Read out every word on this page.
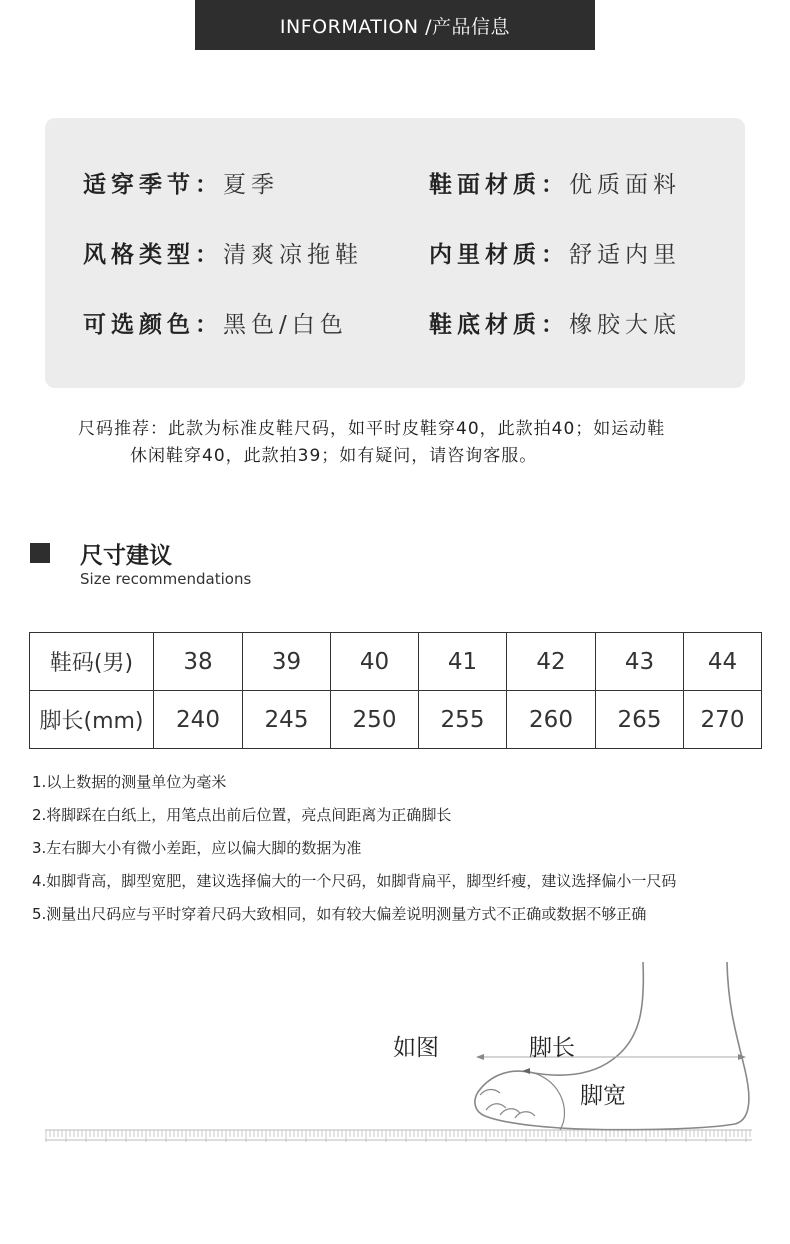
INFORMATION /产品信息
适穿季节：夏季
风格类型：清爽凉拖鞋
可选颜色：黑色/白色
鞋面材质：优质面料
内里材质：舒适内里
鞋底材质：橡胶大底
尺码推荐：此款为标准皮鞋尺码，如平时皮鞋穿40，此款拍40；如运动鞋
休闲鞋穿40，此款拍39；如有疑问，请咨询客服。
尺寸建议
Size recommendations
鞋码(男)	38	39	40	41	42	43	44
脚长(mm)	240	245	250	255	260	265	270
1.以上数据的测量单位为毫米
2.将脚踩在白纸上，用笔点出前后位置，亮点间距离为正确脚长
3.左右脚大小有微小差距，应以偏大脚的数据为准
4.如脚背高，脚型宽肥，建议选择偏大的一个尺码，如脚背扁平，脚型纤瘦，建议选择偏小一尺码
5.测量出尺码应与平时穿着尺码大致相同，如有较大偏差说明测量方式不正确或数据不够正确
如图	脚长
脚宽
